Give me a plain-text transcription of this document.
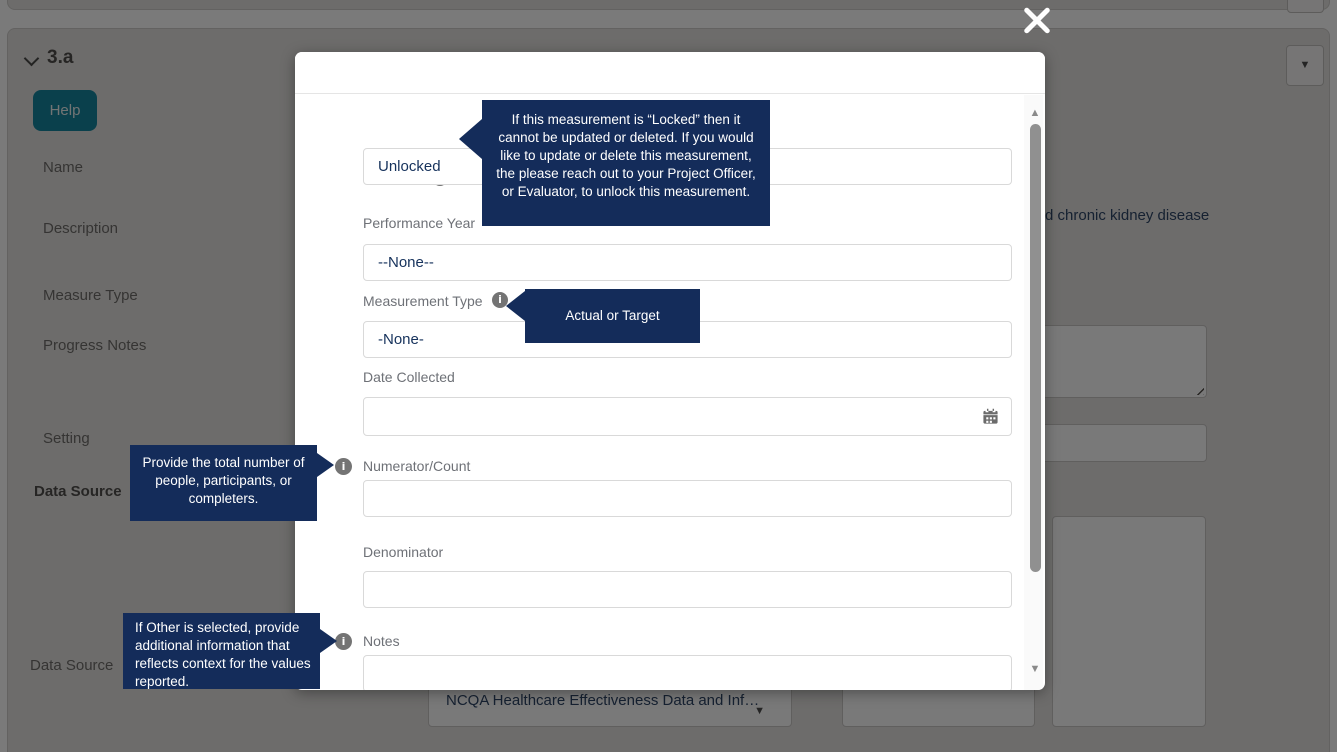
Unlocked
Performance Year
--None--
Measurement Type	i
-None-
Date Collected
i	Numerator/Count
Denominator
i	Notes
▲
▼
If this measurement is “Locked” then it cannot be updated or deleted. If you would like to update or delete this measurement, the please reach out to your Project Officer, or Evaluator, to unlock this measurement.
Actual or Target
Provide the total number of people, participants, or completers.
If Other is selected, provide additional information that reflects context for the values reported.
